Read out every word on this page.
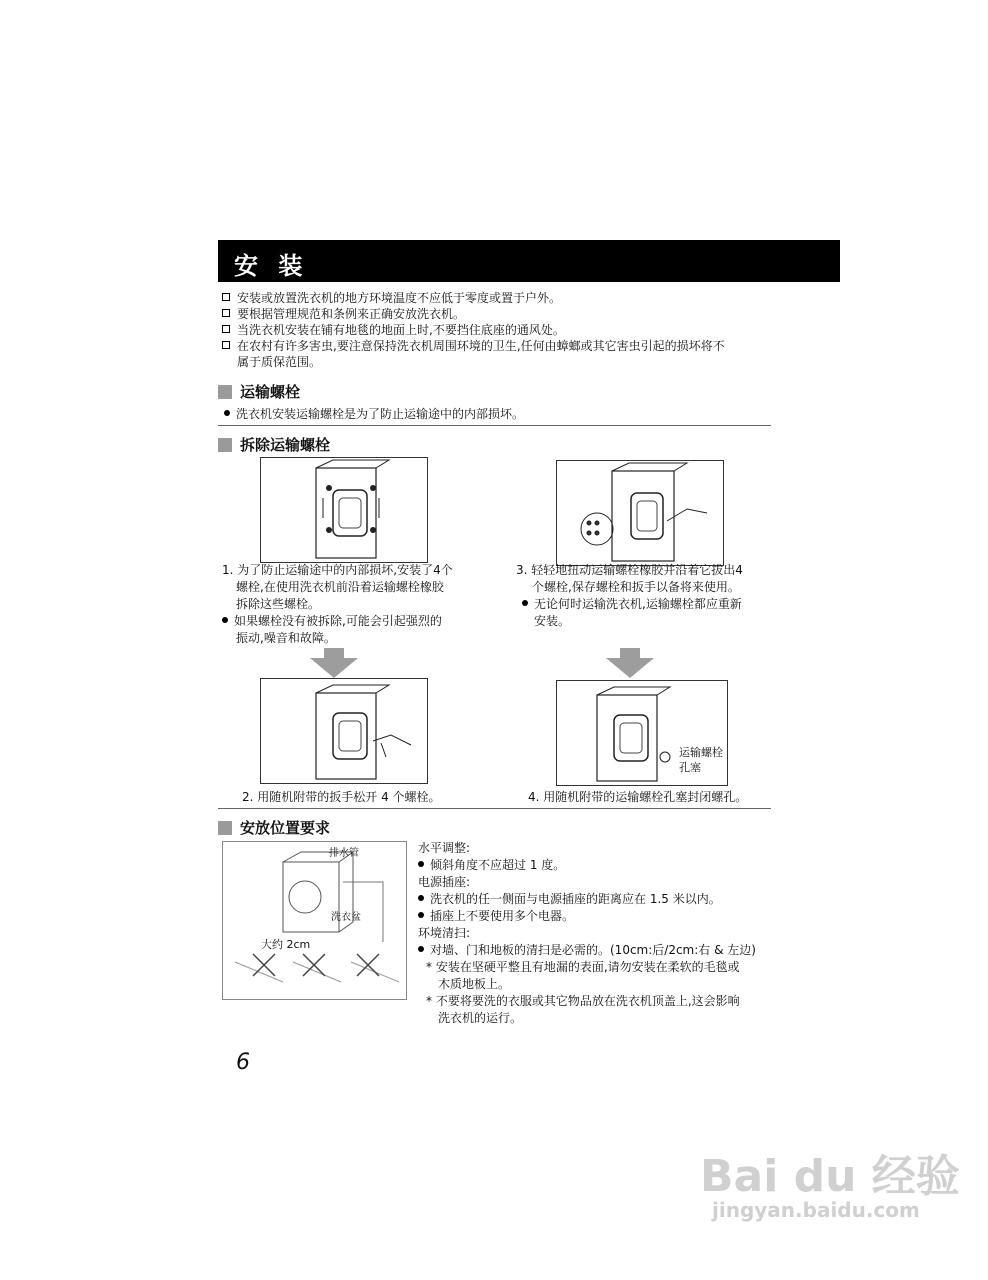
安 装
安装或放置洗衣机的地方环境温度不应低于零度或置于户外。
要根据管理规范和条例来正确安放洗衣机。
当洗衣机安装在铺有地毯的地面上时,不要挡住底座的通风处。
在农村有许多害虫,要注意保持洗衣机周围环境的卫生,任何由蟑螂或其它害虫引起的损坏将不
属于质保范围。
运输螺栓
洗衣机安装运输螺栓是为了防止运输途中的内部损坏。
拆除运输螺栓
1. 为了防止运输途中的内部损坏,安装了4个
螺栓,在使用洗衣机前沿着运输螺栓橡胶
拆除这些螺栓。
如果螺栓没有被拆除,可能会引起强烈的
振动,噪音和故障。
3. 轻轻地扭动运输螺栓橡胶并沿着它拔出4
个螺栓,保存螺栓和扳手以备将来使用。
无论何时运输洗衣机,运输螺栓都应重新
安装。
运输螺栓
孔塞
2. 用随机附带的扳手松开 4 个螺栓。	4. 用随机附带的运输螺栓孔塞封闭螺孔。
安放位置要求
排水管
洗衣盆
大约 2cm
水平调整:
倾斜角度不应超过 1 度。
电源插座:
洗衣机的任一侧面与电源插座的距离应在 1.5 米以内。
插座上不要使用多个电器。
环境清扫:
对墙、门和地板的清扫是必需的。(10cm:后/2cm:右 & 左边)
* 安装在坚硬平整且有地漏的表面,请勿安装在柔软的毛毯或
木质地板上。
* 不要将要洗的衣服或其它物品放在洗衣机顶盖上,这会影响
洗衣机的运行。
6
Bai du 经验
jingyan.baidu.com
